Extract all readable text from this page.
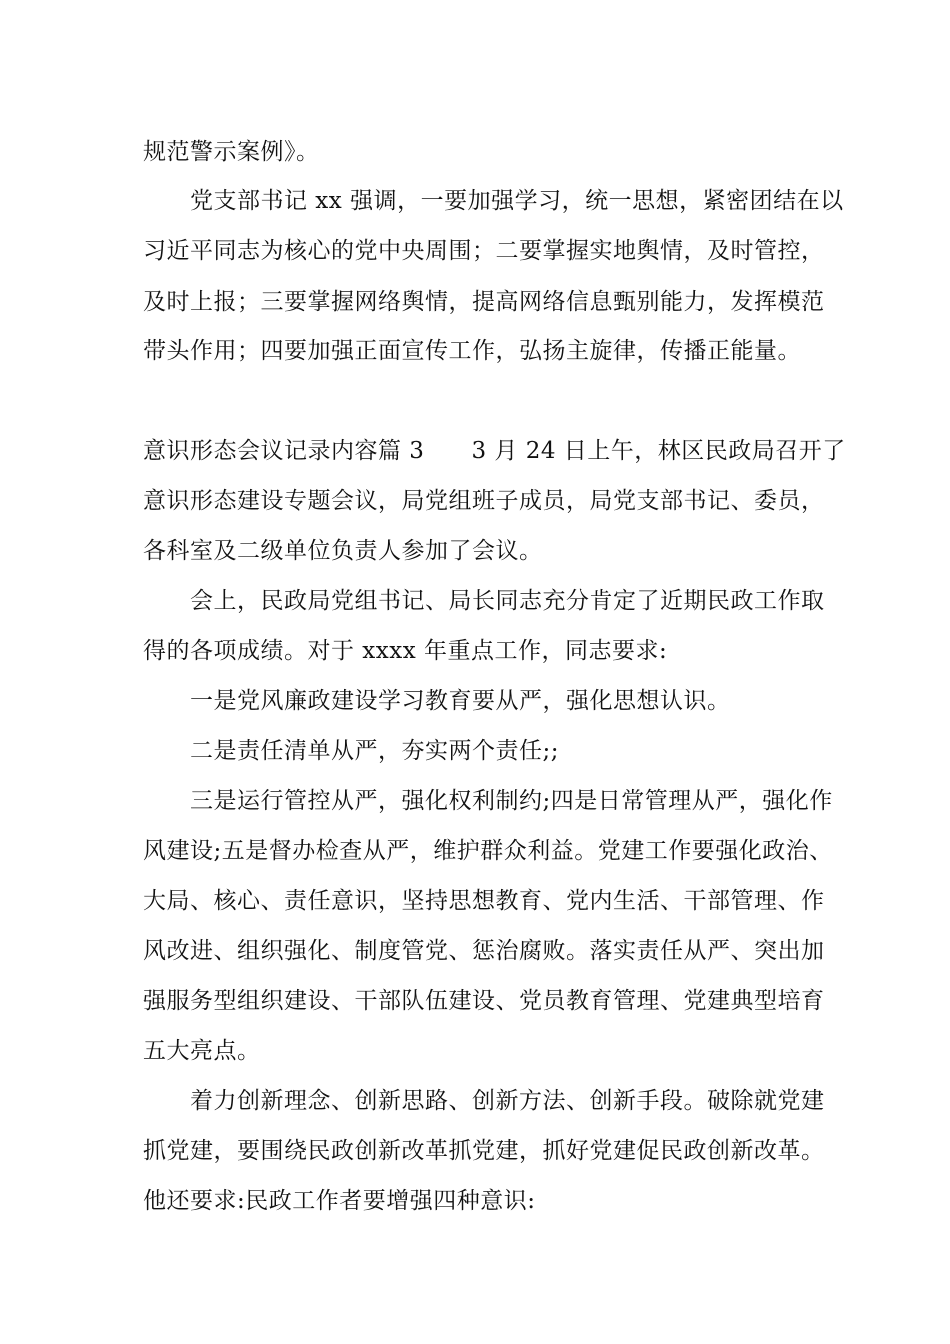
规范警示案例》。
党支部书记 xx 强调，一要加强学习，统一思想，紧密团结在以
习近平同志为核心的党中央周围；二要掌握实地舆情，及时管控，
及时上报；三要掌握网络舆情，提高网络信息甄别能力，发挥模范
带头作用；四要加强正面宣传工作，弘扬主旋律，传播正能量。
意识形态会议记录内容篇 3　　3 月 24 日上午，林区民政局召开了
意识形态建设专题会议，局党组班子成员，局党支部书记、委员，
各科室及二级单位负责人参加了会议。
会上，民政局党组书记、局长同志充分肯定了近期民政工作取
得的各项成绩。对于 xxxx 年重点工作，同志要求:
一是党风廉政建设学习教育要从严，强化思想认识。
二是责任清单从严，夯实两个责任;;
三是运行管控从严，强化权利制约;四是日常管理从严，强化作
风建设;五是督办检查从严，维护群众利益。党建工作要强化政治、
大局、核心、责任意识，坚持思想教育、党内生活、干部管理、作
风改进、组织强化、制度管党、惩治腐败。落实责任从严、突出加
强服务型组织建设、干部队伍建设、党员教育管理、党建典型培育
五大亮点。
着力创新理念、创新思路、创新方法、创新手段。破除就党建
抓党建，要围绕民政创新改革抓党建，抓好党建促民政创新改革。
他还要求:民政工作者要增强四种意识:
